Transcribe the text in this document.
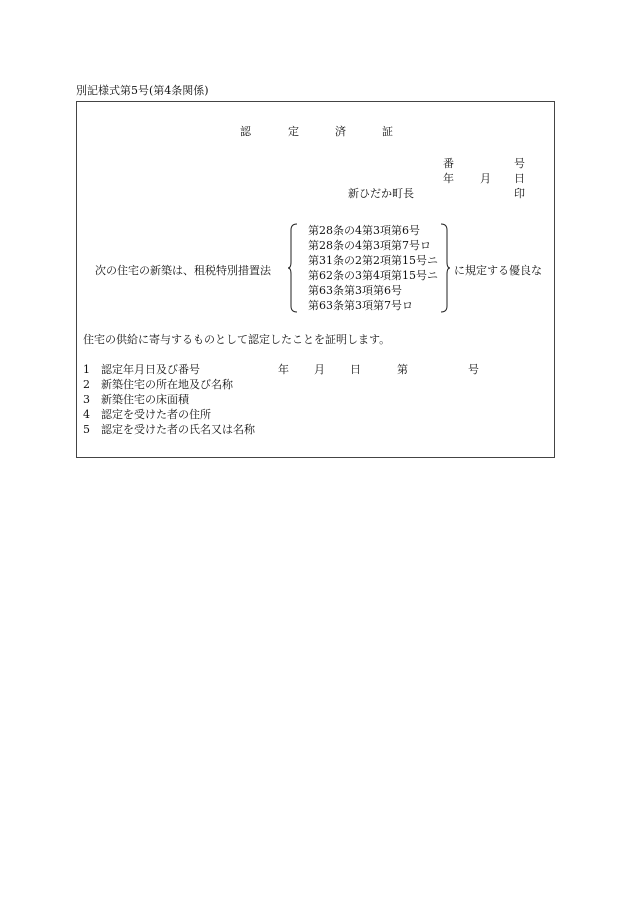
別記様式第5号(第4条関係)
認	定	済	証
番	号
年 月 日
新ひだか町長	印
次の住宅の新築は、租税特別措置法
第28条の4第3項第6号
第28条の4第3項第7号ロ
第31条の2第2項第15号ニ
第62条の3第4項第15号ニ
第63条第3項第6号
第63条第3項第7号ロ
に規定する優良な
住宅の供給に寄与するものとして認定したことを証明します。
1 認定年月日及び番号	年 月 日	第	号
2 新築住宅の所在地及び名称
3 新築住宅の床面積
4 認定を受けた者の住所
5 認定を受けた者の氏名又は名称
